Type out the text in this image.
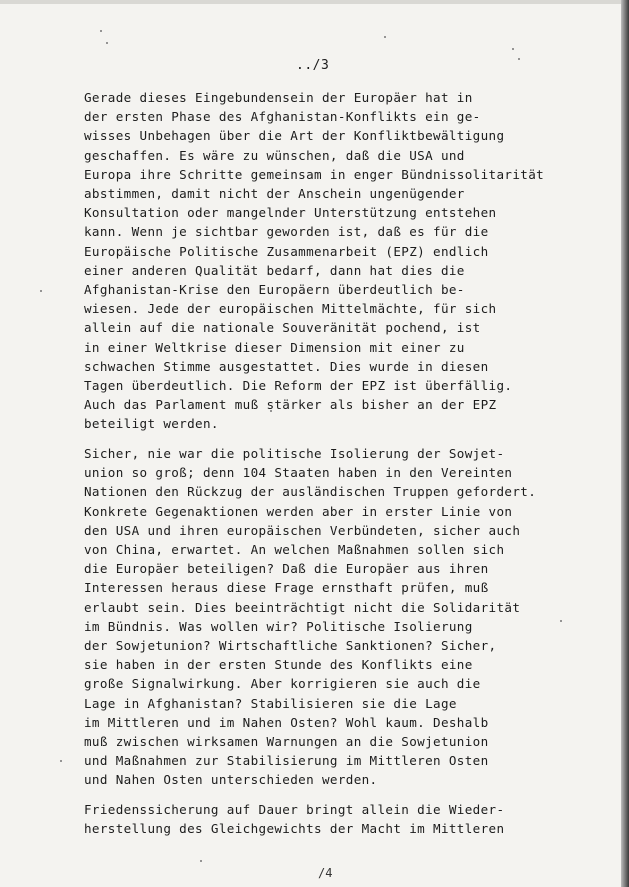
../3
Gerade dieses Eingebundensein der Europäer hat in
der ersten Phase des Afghanistan-Konflikts ein ge-
wisses Unbehagen über die Art der Konfliktbewältigung
geschaffen. Es wäre zu wünschen, daß die USA und
Europa ihre Schritte gemeinsam in enger Bündnissolitarität
abstimmen, damit nicht der Anschein ungenügender
Konsultation oder mangelnder Unterstützung entstehen
kann. Wenn je sichtbar geworden ist, daß es für die
Europäische Politische Zusammenarbeit (EPZ) endlich
einer anderen Qualität bedarf, dann hat dies die
Afghanistan-Krise den Europäern überdeutlich be-
wiesen. Jede der europäischen Mittelmächte, für sich
allein auf die nationale Souveränität pochend, ist
in einer Weltkrise dieser Dimension mit einer zu
schwachen Stimme ausgestattet. Dies wurde in diesen
Tagen überdeutlich. Die Reform der EPZ ist überfällig.
Auch das Parlament muß stärker als bisher an der EPZ
beteiligt werden.
Sicher, nie war die politische Isolierung der Sowjet-
union so groß; denn 104 Staaten haben in den Vereinten
Nationen den Rückzug der ausländischen Truppen gefordert.
Konkrete Gegenaktionen werden aber in erster Linie von
den USA und ihren europäischen Verbündeten, sicher auch
von China, erwartet. An welchen Maßnahmen sollen sich
die Europäer beteiligen? Daß die Europäer aus ihren
Interessen heraus diese Frage ernsthaft prüfen, muß
erlaubt sein. Dies beeinträchtigt nicht die Solidarität
im Bündnis. Was wollen wir? Politische Isolierung
der Sowjetunion? Wirtschaftliche Sanktionen? Sicher,
sie haben in der ersten Stunde des Konflikts eine
große Signalwirkung. Aber korrigieren sie auch die
Lage in Afghanistan? Stabilisieren sie die Lage
im Mittleren und im Nahen Osten? Wohl kaum. Deshalb
muß zwischen wirksamen Warnungen an die Sowjetunion
und Maßnahmen zur Stabilisierung im Mittleren Osten
und Nahen Osten unterschieden werden.
Friedenssicherung auf Dauer bringt allein die Wieder-
herstellung des Gleichgewichts der Macht im Mittleren
/4
